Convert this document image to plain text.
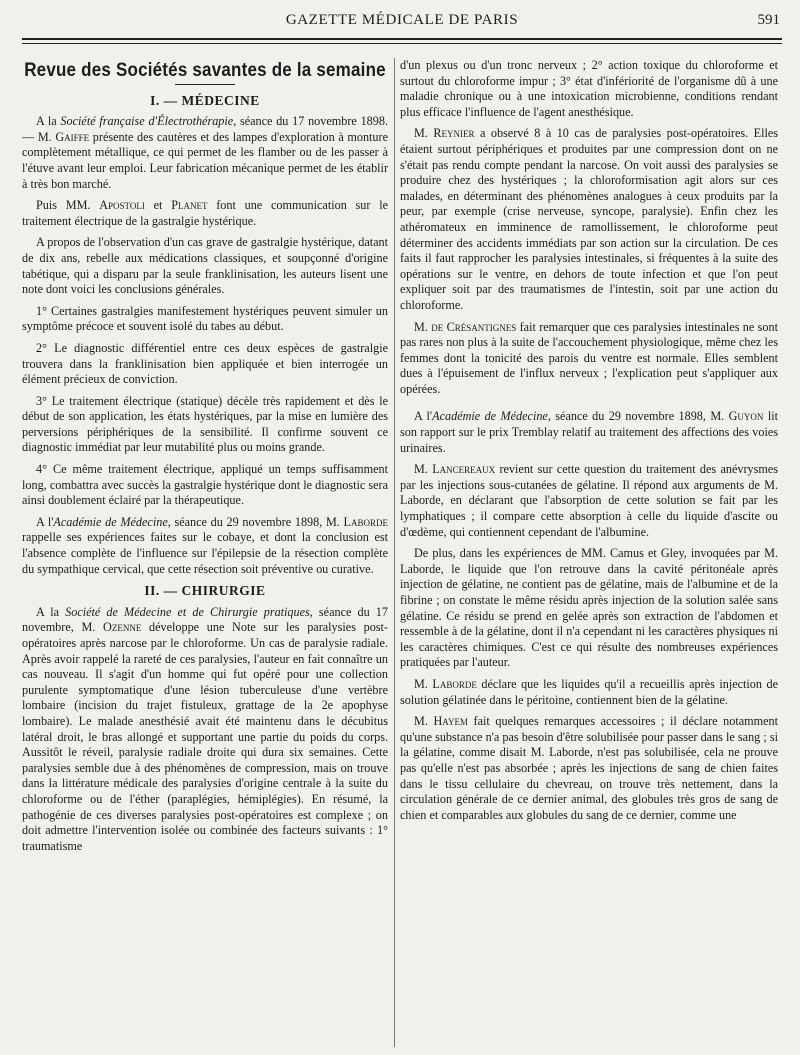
GAZETTE MÉDICALE DE PARIS	591
Revue des Sociétés savantes de la semaine
I. — MÉDECINE

A la Société française d'Électrothérapie, séance du 17 novembre 1898. — M. Gaiffe présente des cautères et des lampes d'exploration à monture complètement métallique, ce qui permet de les flamber ou de les passer à l'étuve avant leur emploi. Leur fabrication mécanique permet de les établir à très bon marché.

Puis MM. Apostoli et Planet font une communication sur le traitement électrique de la gastralgie hystérique.

A propos de l'observation d'un cas grave de gastralgie hystérique, datant de dix ans, rebelle aux médications classiques, et soupçonné d'origine tabétique, qui a disparu par la seule franklinisation, les auteurs lisent une note dont voici les conclusions générales.

1° Certaines gastralgies manifestement hystériques peuvent simuler un symptôme précoce et souvent isolé du tabes au début.

2° Le diagnostic différentiel entre ces deux espèces de gastralgie trouvera dans la franklinisation bien appliquée et bien interrogée un élément précieux de conviction.

3° Le traitement électrique (statique) décèle très rapidement et dès le début de son application, les états hystériques, par la mise en lumière des perversions périphériques de la sensibilité. Il confirme souvent ce diagnostic immédiat par leur mutabilité plus ou moins grande.

4° Ce même traitement électrique, appliqué un temps suffisamment long, combattra avec succès la gastralgie hystérique dont le diagnostic sera ainsi doublement éclairé par la thérapeutique.

A l'Académie de Médecine, séance du 29 novembre 1898, M. Laborde rappelle ses expériences faites sur le cobaye, et dont la conclusion est l'absence complète de l'influence sur l'épilepsie de la résection complète du sympathique cervical, que cette résection soit préventive ou curative.

II. — CHIRURGIE

A la Société de Médecine et de Chirurgie pratiques, séance du 17 novembre, M. Ozenne développe une Note sur les paralysies post-opératoires après narcose par le chloroforme. Un cas de paralysie radiale. Après avoir rappelé la rareté de ces paralysies, l'auteur en fait connaître un cas nouveau. Il s'agit d'un homme qui fut opéré pour une collection purulente symptomatique d'une lésion tuberculeuse d'une vertèbre lombaire (incision du trajet fistuleux, grattage de la 2e apophyse lombaire). Le malade anesthésié avait été maintenu dans le décubitus latéral droit, le bras allongé et supportant une partie du poids du corps. Aussitôt le réveil, paralysie radiale droite qui dura six semaines. Cette paralysies semble due à des phénomènes de compression, mais on trouve dans la littérature médicale des paralysies d'origine centrale à la suite du chloroforme ou de l'éther (paraplégies, hémiplégies). En résumé, la pathogénie de ces diverses paralysies post-opératoires est complexe ; on doit admettre l'intervention isolée ou combinée des facteurs suivants : 1° traumatisme

d'un plexus ou d'un tronc nerveux ; 2° action toxique du chloroforme et surtout du chloroforme impur ; 3° état d'infériorité de l'organisme dû à une maladie chronique ou à une intoxication microbienne, conditions rendant plus efficace l'influence de l'agent anesthésique.

M. Reynier a observé 8 à 10 cas de paralysies post-opératoires. Elles étaient surtout périphériques et produites par une compression dont on ne s'était pas rendu compte pendant la narcose. On voit aussi des paralysies se produire chez des hystériques ; la chloroformisation agit alors sur ces malades, en déterminant des phénomènes analogues à ceux produits par la peur, par exemple (crise nerveuse, syncope, paralysie). Enfin chez les athéromateux en imminence de ramollissement, le chloroforme peut déterminer des accidents immédiats par son action sur la circulation. De ces faits il faut rapprocher les paralysies intestinales, si fréquentes à la suite des opérations sur le ventre, en dehors de toute infection et que l'on peut expliquer soit par des traumatismes de l'intestin, soit par une action du chloroforme.

M. de Crésantignes fait remarquer que ces paralysies intestinales ne sont pas rares non plus à la suite de l'accouchement physiologique, même chez les femmes dont la tonicité des parois du ventre est normale. Elles semblent dues à l'épuisement de l'influx nerveux ; l'explication peut s'appliquer aux opérées.

A l'Académie de Médecine, séance du 29 novembre 1898, M. Guyon lit son rapport sur le prix Tremblay relatif au traitement des affections des voies urinaires.

M. Lancereaux revient sur cette question du traitement des anévrysmes par les injections sous-cutanées de gélatine. Il répond aux arguments de M. Laborde, en déclarant que l'absorption de cette solution se fait par les lymphatiques ; il compare cette absorption à celle du liquide d'ascite ou d'œdème, qui contiennent cependant de l'albumine.

De plus, dans les expériences de MM. Camus et Gley, invoquées par M. Laborde, le liquide que l'on retrouve dans la cavité péritonéale après injection de gélatine, ne contient pas de gélatine, mais de l'albumine et de la fibrine ; on constate le même résidu après injection de la solution salée sans gélatine. Ce résidu se prend en gelée après son extraction de l'abdomen et ressemble à de la gélatine, dont il n'a cependant ni les caractères physiques ni les caractères chimiques. C'est ce qui résulte des nombreuses expériences pratiquées par l'auteur.

M. Laborde déclare que les liquides qu'il a recueillis après injection de solution gélatinée dans le péritoine, contiennent bien de la gélatine.

M. Hayem fait quelques remarques accessoires ; il déclare notamment qu'une substance n'a pas besoin d'être solubilisée pour passer dans le sang ; si la gélatine, comme disait M. Laborde, n'est pas solubilisée, cela ne prouve pas qu'elle n'est pas absorbée ; après les injections de sang de chien faites dans le tissu cellulaire du chevreau, on trouve très nettement, dans la circulation générale de ce dernier animal, des globules très gros de sang de chien et comparables aux globules du sang de ce dernier, comme une
